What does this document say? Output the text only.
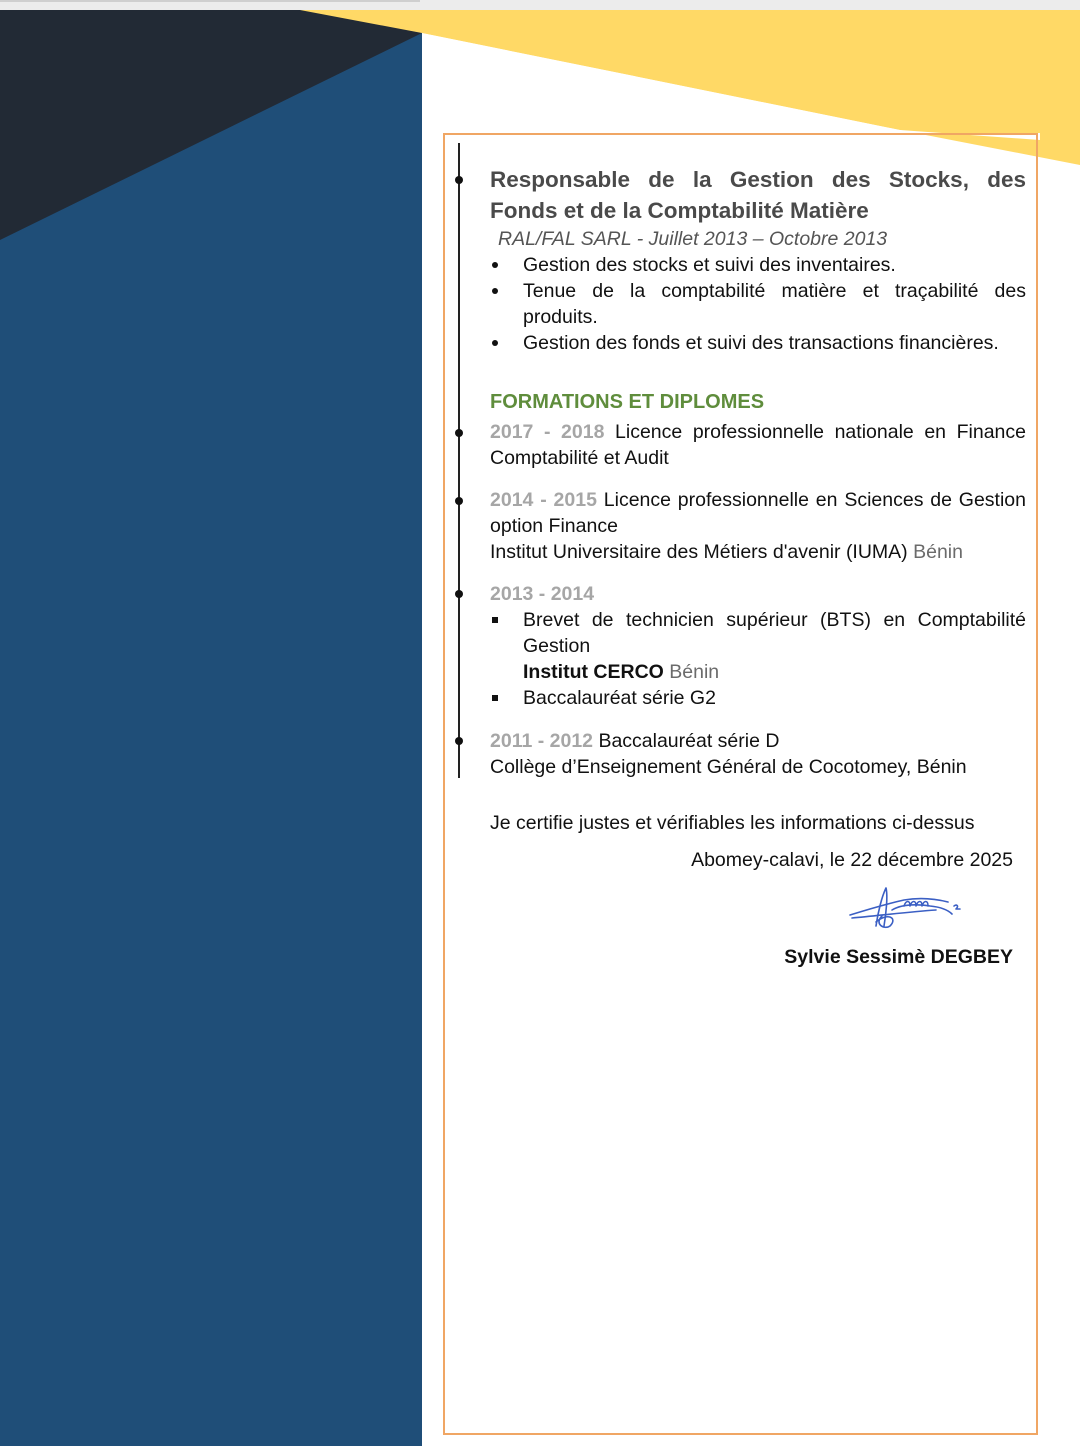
Responsable de la Gestion des Stocks, des
Fonds et de la Comptabilité Matière
RAL/FAL SARL - Juillet 2013 – Octobre 2013
Gestion des stocks et suivi des inventaires.
Tenue de la comptabilité matière et traçabilité des produits.
Gestion des fonds et suivi des transactions financières.
FORMATIONS ET DIPLOMES
2017 - 2018 Licence professionnelle nationale en Finance
Comptabilité et Audit
2014 - 2015 Licence professionnelle en Sciences de Gestion
option Finance
Institut Universitaire des Métiers d'avenir (IUMA) Bénin
2013 - 2014
Brevet de technicien supérieur (BTS) en Comptabilité Gestion
Institut CERCO Bénin
Baccalauréat série G2
2011 - 2012 Baccalauréat série D
Collège d’Enseignement Général de Cocotomey, Bénin
Je certifie justes et vérifiables les informations ci-dessus
Abomey-calavi, le 22 décembre 2025
Sylvie Sessimè DEGBEY
